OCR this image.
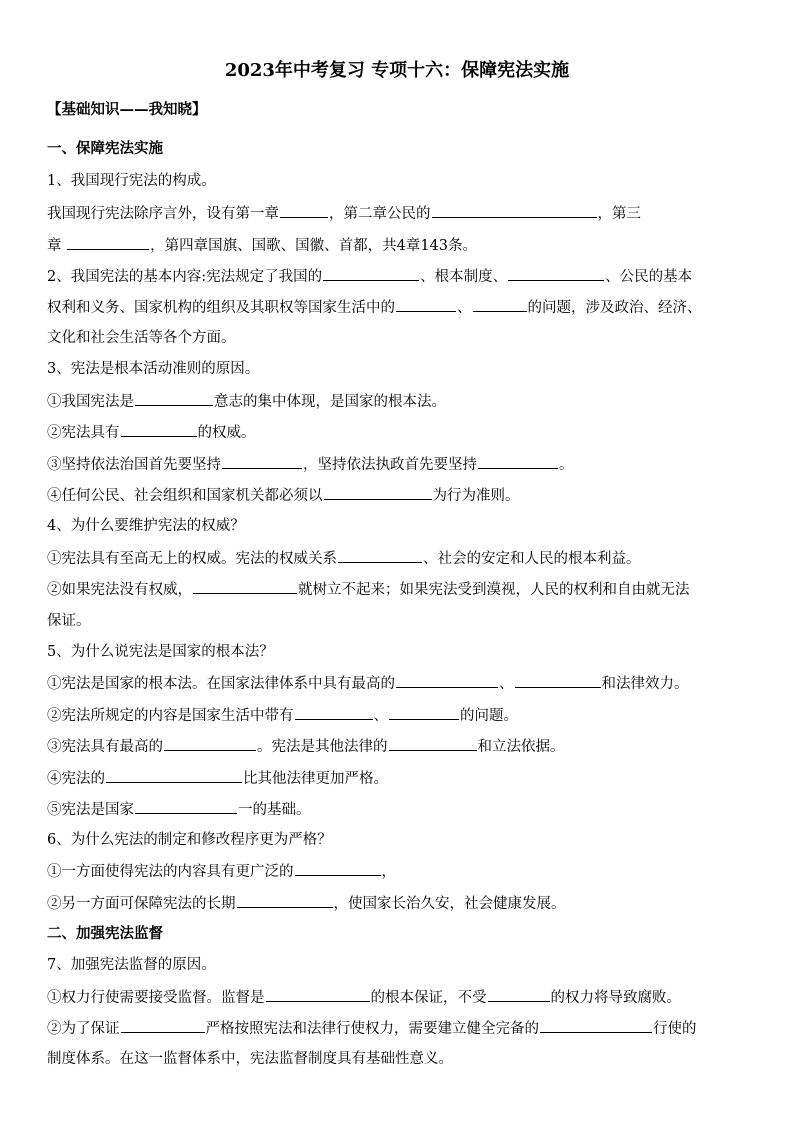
2023年中考复习 专项十六：保障宪法实施
【基础知识——我知晓】
一、保障宪法实施
1、我国现行宪法的构成。
我国现行宪法除序言外，设有第一章	，第二章公民的	，第三
章	，第四章国旗、国歌、国徽、首都，共4章143条。
2、我国宪法的基本内容:宪法规定了我国的	、根本制度、	、公民的基本
权利和义务、国家机构的组织及其职权等国家生活中的	、	的问题，涉及政治、经济、
文化和社会生活等各个方面。
3、宪法是根本活动准则的原因。
①我国宪法是	意志的集中体现，是国家的根本法。
②宪法具有	的权威。
③坚持依法治国首先要坚持	，坚持依法执政首先要坚持	。
④任何公民、社会组织和国家机关都必须以	为行为准则。
4、为什么要维护宪法的权威？
①宪法具有至高无上的权威。宪法的权威关系	、社会的安定和人民的根本利益。
②如果宪法没有权威，	就树立不起来；如果宪法受到漠视，人民的权利和自由就无法
保证。
5、为什么说宪法是国家的根本法？
①宪法是国家的根本法。在国家法律体系中具有最高的	、	和法律效力。
②宪法所规定的内容是国家生活中带有	、	的问题。
③宪法具有最高的	。宪法是其他法律的	和立法依据。
④宪法的	比其他法律更加严格。
⑤宪法是国家	一的基础。
6、为什么宪法的制定和修改程序更为严格？
①一方面使得宪法的内容具有更广泛的	，
②另一方面可保障宪法的长期	，使国家长治久安，社会健康发展。
二、加强宪法监督
7、加强宪法监督的原因。
①权力行使需要接受监督。监督是	的根本保证，不受	的权力将导致腐败。
②为了保证	严格按照宪法和法律行使权力，需要建立健全完备的	行使的
制度体系。在这一监督体系中，宪法监督制度具有基础性意义。
